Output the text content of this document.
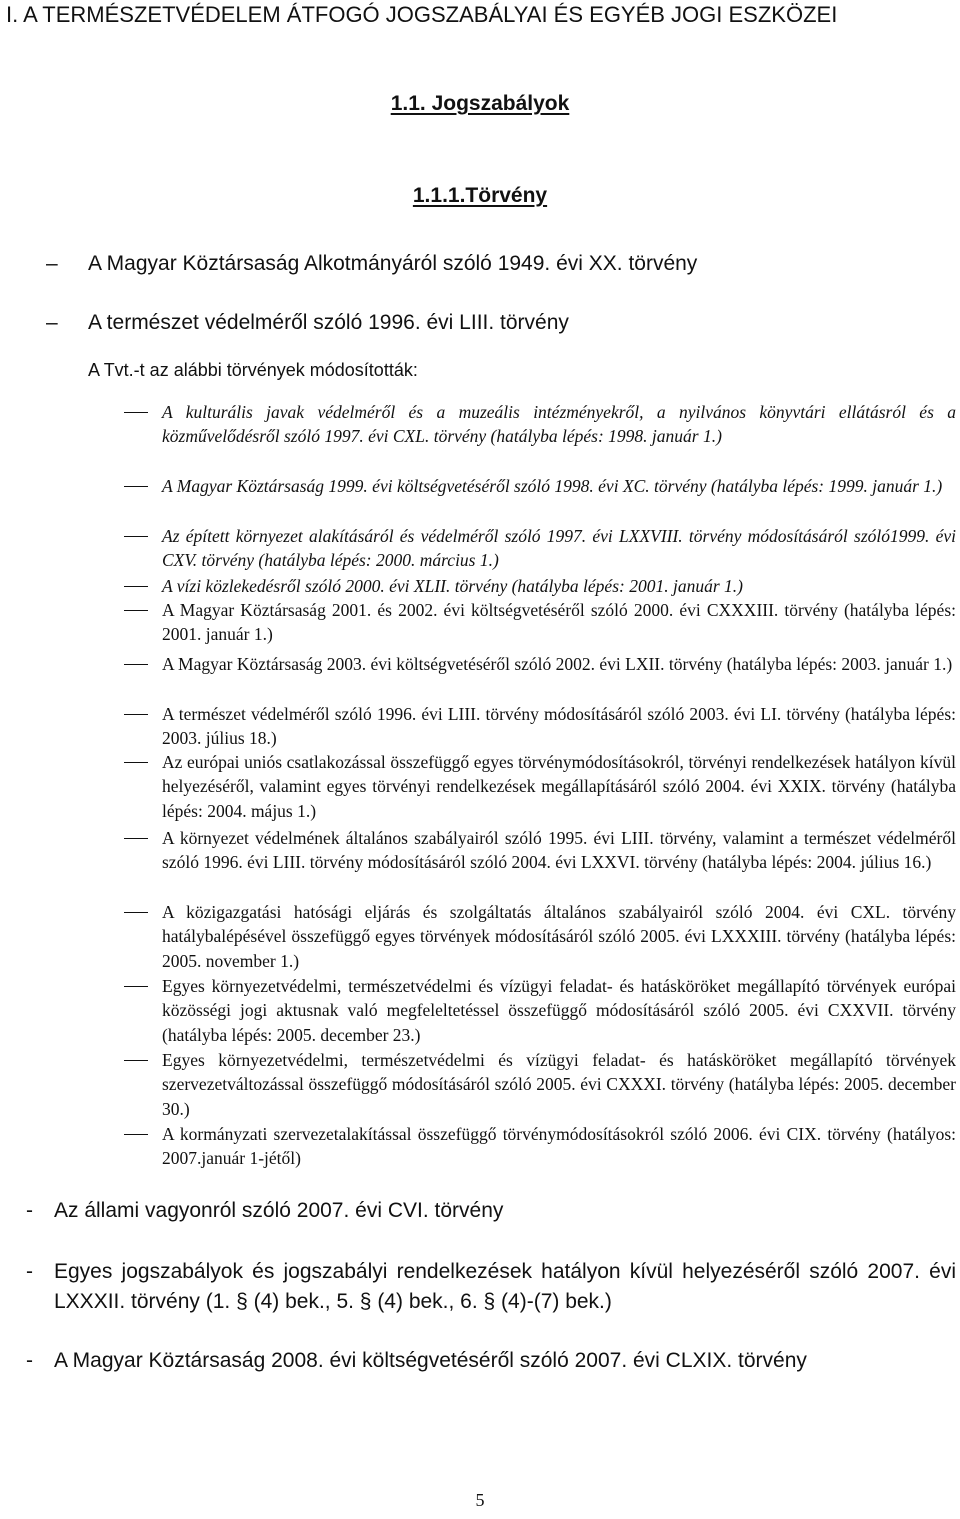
I. A TERMÉSZETVÉDELEM ÁTFOGÓ JOGSZABÁLYAI ÉS EGYÉB JOGI ESZKÖZEI
1.1. Jogszabályok
1.1.1.Törvény
– A Magyar Köztársaság Alkotmányáról szóló 1949. évi XX. törvény
– A természet védelméről szóló 1996. évi LIII. törvény
A Tvt.-t az alábbi törvények módosították:
A kulturális javak védelméről és a muzeális intézményekről, a nyilvános könyvtári ellátásról és a közművelődésről szóló 1997. évi CXL. törvény (hatályba lépés: 1998. január 1.)
A Magyar Köztársaság 1999. évi költségvetéséről szóló 1998. évi XC. törvény (hatályba lépés: 1999. január 1.)
Az épített környezet alakításáról és védelméről szóló 1997. évi LXXVIII. törvény módosításáról szóló1999. évi CXV. törvény (hatályba lépés: 2000. március 1.)
A vízi közlekedésről szóló 2000. évi XLII. törvény (hatályba lépés: 2001. január 1.)
A Magyar Köztársaság 2001. és 2002. évi költségvetéséről szóló 2000. évi CXXXIII. törvény (hatályba lépés: 2001. január 1.)
A Magyar Köztársaság 2003. évi költségvetéséről szóló 2002. évi LXII. törvény (hatályba lépés: 2003. január 1.)
A természet védelméről szóló 1996. évi LIII. törvény módosításáról szóló 2003. évi LI. törvény (hatályba lépés: 2003. július 18.)
Az európai uniós csatlakozással összefüggő egyes törvénymódosításokról, törvényi rendelkezések hatályon kívül helyezéséről, valamint egyes törvényi rendelkezések megállapításáról szóló 2004. évi XXIX. törvény (hatályba lépés: 2004. május 1.)
A környezet védelmének általános szabályairól szóló 1995. évi LIII. törvény, valamint a természet védelméről szóló 1996. évi LIII. törvény módosításáról szóló 2004. évi LXXVI. törvény (hatályba lépés: 2004. július 16.)
A közigazgatási hatósági eljárás és szolgáltatás általános szabályairól szóló 2004. évi CXL. törvény hatálybalépésével összefüggő egyes törvények módosításáról szóló 2005. évi LXXXIII. törvény (hatályba lépés: 2005. november 1.)
Egyes környezetvédelmi, természetvédelmi és vízügyi feladat- és hatásköröket megállapító törvények európai közösségi jogi aktusnak való megfeleltetéssel összefüggő módosításáról szóló 2005. évi CXXVII. törvény (hatályba lépés: 2005. december 23.)
Egyes környezetvédelmi, természetvédelmi és vízügyi feladat- és hatásköröket megállapító törvények szervezetváltozással összefüggő módosításáról szóló 2005. évi CXXXI. törvény (hatályba lépés: 2005. december 30.)
A kormányzati szervezetalakítással összefüggő törvénymódosításokról szóló 2006. évi CIX. törvény (hatályos: 2007.január 1-jétől)
- Az állami vagyonról szóló 2007. évi CVI. törvény
- Egyes jogszabályok és jogszabályi rendelkezések hatályon kívül helyezéséről szóló 2007. évi LXXXII. törvény (1. § (4) bek., 5. § (4) bek., 6. § (4)-(7) bek.)
- A Magyar Köztársaság 2008. évi költségvetéséről szóló 2007. évi CLXIX. törvény
5
